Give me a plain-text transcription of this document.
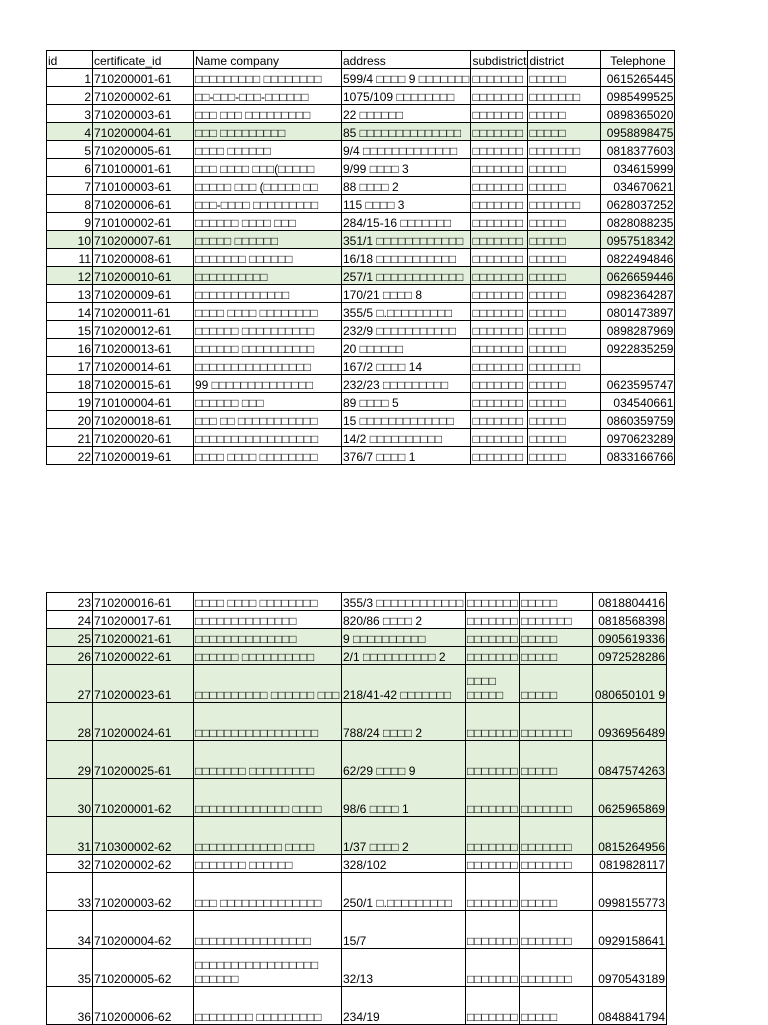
id	certificate_id	Name company	address	subdistrict	district	Telephone
1	710200001-61	□□□□□□□□□ □□□□□□□□	599/4 □□□□ 9 □□□□□□□	□□□□□□□	□□□□□	0615265445
2	710200002-61	□□-□□□-□□□-□□□□□□	1075/109 □□□□□□□□	□□□□□□□	□□□□□□□	0985499525
3	710200003-61	□□□ □□□ □□□□□□□□□	22 □□□□□□	□□□□□□□	□□□□□	0898365020
4	710200004-61	□□□ □□□□□□□□□	85 □□□□□□□□□□□□□□	□□□□□□□	□□□□□	0958898475
5	710200005-61	□□□□ □□□□□□	9/4 □□□□□□□□□□□□□	□□□□□□□	□□□□□□□	0818377603
6	710100001-61	□□□ □□□□ □□□(□□□□□	9/99 □□□□ 3	□□□□□□□	□□□□□	034615999
7	710100003-61	□□□□□ □□□ (□□□□□ □□	88 □□□□ 2	□□□□□□□	□□□□□	034670621
8	710200006-61	□□□-□□□□ □□□□□□□□□	115 □□□□ 3	□□□□□□□	□□□□□□□	0628037252
9	710100002-61	□□□□□□ □□□□ □□□	284/15-16 □□□□□□□	□□□□□□□	□□□□□	0828088235
10	710200007-61	□□□□□ □□□□□□	351/1 □□□□□□□□□□□□	□□□□□□□	□□□□□	0957518342
11	710200008-61	□□□□□□□ □□□□□□	16/18 □□□□□□□□□□□	□□□□□□□	□□□□□	0822494846
12	710200010-61	□□□□□□□□□□	257/1 □□□□□□□□□□□□	□□□□□□□	□□□□□	0626659446
13	710200009-61	□□□□□□□□□□□□□	170/21 □□□□ 8	□□□□□□□	□□□□□	0982364287
14	710200011-61	□□□□ □□□□ □□□□□□□□	355/5 □.□□□□□□□□□	□□□□□□□	□□□□□	0801473897
15	710200012-61	□□□□□□ □□□□□□□□□□	232/9 □□□□□□□□□□□	□□□□□□□	□□□□□	0898287969
16	710200013-61	□□□□□□ □□□□□□□□□□	20 □□□□□□	□□□□□□□	□□□□□	0922835259
17	710200014-61	□□□□□□□□□□□□□□□□	167/2 □□□□ 14	□□□□□□□	□□□□□□□	
18	710200015-61	99 □□□□□□□□□□□□□□	232/23 □□□□□□□□□	□□□□□□□	□□□□□	0623595747
19	710100004-61	□□□□□□ □□□	89 □□□□ 5	□□□□□□□	□□□□□	034540661
20	710200018-61	□□□ □□ □□□□□□□□□□□	15 □□□□□□□□□□□□□	□□□□□□□	□□□□□	0860359759
21	710200020-61	□□□□□□□□□□□□□□□□□	14/2 □□□□□□□□□□	□□□□□□□	□□□□□	0970623289
22	710200019-61	□□□□ □□□□ □□□□□□□□	376/7 □□□□ 1	□□□□□□□	□□□□□	0833166766
23	710200016-61	□□□□ □□□□ □□□□□□□□	355/3 □□□□□□□□□□□□	□□□□□□□	□□□□□	0818804416
24	710200017-61	□□□□□□□□□□□□□□	820/86 □□□□ 2	□□□□□□□	□□□□□□□	0818568398
25	710200021-61	□□□□□□□□□□□□□□	9 □□□□□□□□□□	□□□□□□□	□□□□□	0905619336
26	710200022-61	□□□□□□ □□□□□□□□□□	2/1 □□□□□□□□□□ 2	□□□□□□□	□□□□□	0972528286
27	710200023-61	□□□□□□□□□□ □□□□□□ □□□	218/41-42 □□□□□□□	□□□□ □□□□□	□□□□□	080650101 9
28	710200024-61	□□□□□□□□□□□□□□□□□	788/24 □□□□ 2	□□□□□□□	□□□□□□□	0936956489
29	710200025-61	□□□□□□□ □□□□□□□□□	62/29 □□□□ 9	□□□□□□□	□□□□□	0847574263
30	710200001-62	□□□□□□□□□□□□□ □□□□	98/6 □□□□ 1	□□□□□□□	□□□□□□□	0625965869
31	710300002-62	□□□□□□□□□□□□ □□□□	1/37 □□□□ 2	□□□□□□□	□□□□□□□	0815264956
32	710200002-62	□□□□□□□ □□□□□□	328/102	□□□□□□□	□□□□□□□	0819828117
33	710200003-62	□□□ □□□□□□□□□□□□□□	250/1 □.□□□□□□□□□	□□□□□□□	□□□□□	0998155773
34	710200004-62	□□□□□□□□□□□□□□□□	15/7	□□□□□□□	□□□□□□□	0929158641
35	710200005-62	□□□□□□□□□□□□□□□□□ □□□□□□	32/13	□□□□□□□	□□□□□□□	0970543189
36	710200006-62	□□□□□□□□ □□□□□□□□□	234/19	□□□□□□□	□□□□□	0848841794
